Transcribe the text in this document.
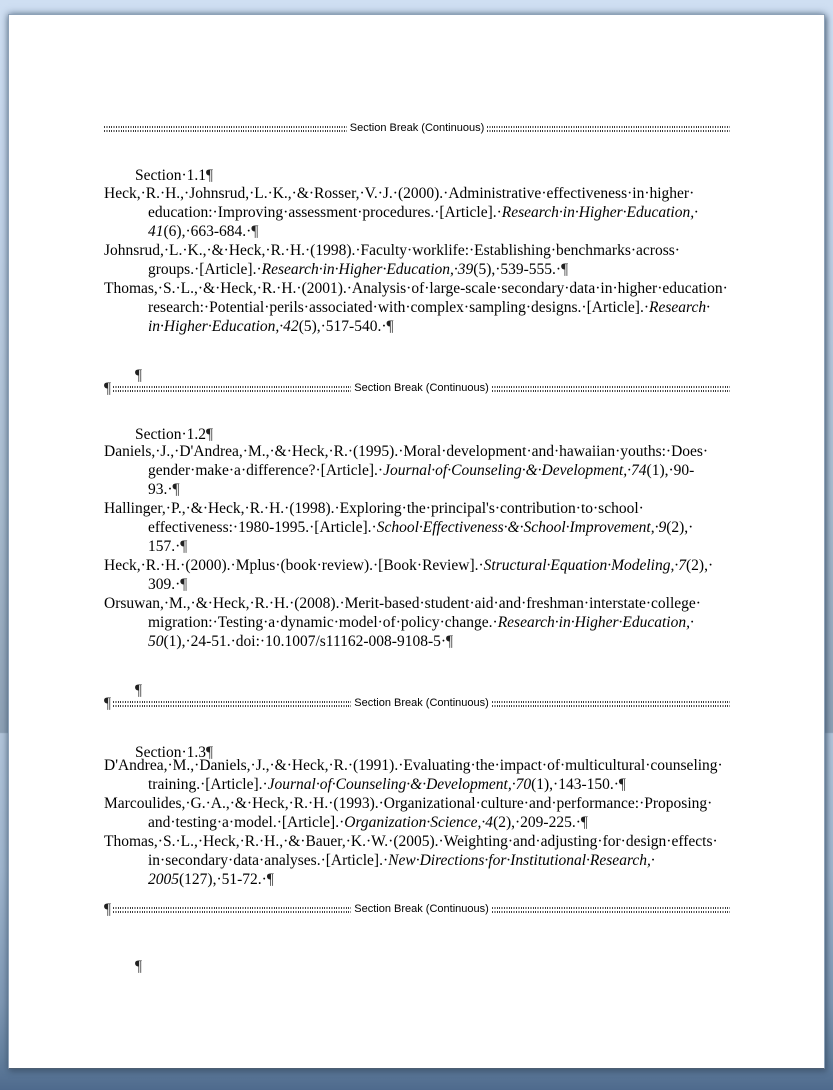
Section Break (Continuous)

Section·1.1¶

Heck,·R.·H.,·Johnsrud,·L.·K.,·&·Rosser,·V.·J.·(2000).·Administrative·effectiveness·in·higher·
education:·Improving·assessment·procedures.·[Article].·Research·in·Higher·Education,·
41(6),·663-684.·¶
Johnsrud,·L.·K.,·&·Heck,·R.·H.·(1998).·Faculty·worklife:·Establishing·benchmarks·across·
groups.·[Article].·Research·in·Higher·Education,·39(5),·539-555.·¶
Thomas,·S.·L.,·&·Heck,·R.·H.·(2001).·Analysis·of·large-scale·secondary·data·in·higher·education·
research:·Potential·perils·associated·with·complex·sampling·designs.·[Article].·Research·
in·Higher·Education,·42(5),·517-540.·¶

¶

¶	Section Break (Continuous)

Section·1.2¶

Daniels,·J.,·D'Andrea,·M.,·&·Heck,·R.·(1995).·Moral·development·and·hawaiian·youths:·Does·
gender·make·a·difference?·[Article].·Journal·of·Counseling·&·Development,·74(1),·90-
93.·¶
Hallinger,·P.,·&·Heck,·R.·H.·(1998).·Exploring·the·principal's·contribution·to·school·
effectiveness:·1980-1995.·[Article].·School·Effectiveness·&·School·Improvement,·9(2),·
157.·¶
Heck,·R.·H.·(2000).·Mplus·(book·review).·[Book·Review].·Structural·Equation·Modeling,·7(2),·
309.·¶
Orsuwan,·M.,·&·Heck,·R.·H.·(2008).·Merit-based·student·aid·and·freshman·interstate·college·
migration:·Testing·a·dynamic·model·of·policy·change.·Research·in·Higher·Education,·
50(1),·24-51.·doi:·10.1007/s11162-008-9108-5·¶

¶

¶	Section Break (Continuous)

Section·1.3¶

D'Andrea,·M.,·Daniels,·J.,·&·Heck,·R.·(1991).·Evaluating·the·impact·of·multicultural·counseling·
training.·[Article].·Journal·of·Counseling·&·Development,·70(1),·143-150.·¶
Marcoulides,·G.·A.,·&·Heck,·R.·H.·(1993).·Organizational·culture·and·performance:·Proposing·
and·testing·a·model.·[Article].·Organization·Science,·4(2),·209-225.·¶
Thomas,·S.·L.,·Heck,·R.·H.,·&·Bauer,·K.·W.·(2005).·Weighting·and·adjusting·for·design·effects·
in·secondary·data·analyses.·[Article].·New·Directions·for·Institutional·Research,·
2005(127),·51-72.·¶
¶	Section Break (Continuous)

¶
